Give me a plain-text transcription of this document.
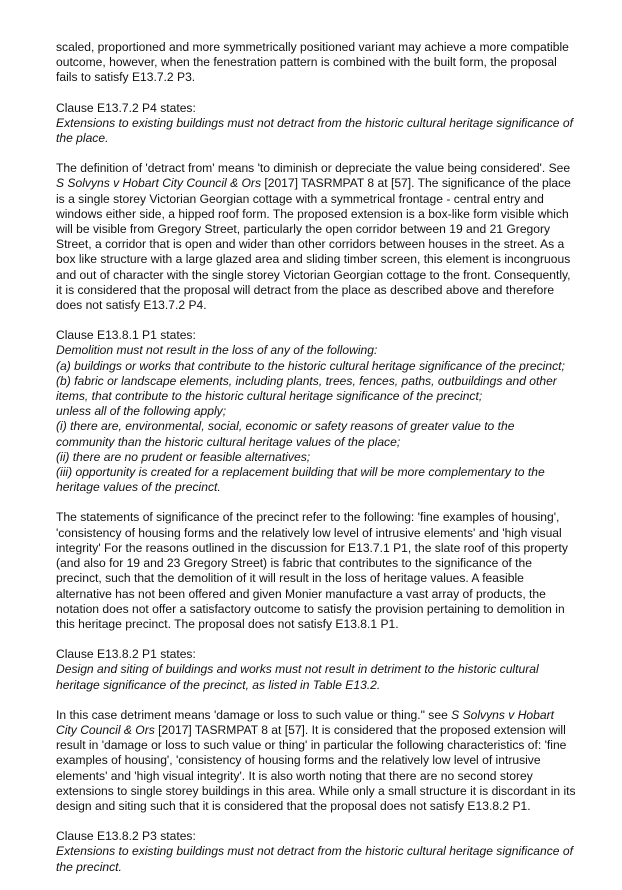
scaled, proportioned and more symmetrically positioned variant may achieve a more compatible outcome, however, when the fenestration pattern is combined with the built form, the proposal fails to satisfy E13.7.2 P3.

Clause E13.7.2 P4 states:
Extensions to existing buildings must not detract from the historic cultural heritage significance of the place.

The definition of 'detract from' means 'to diminish or depreciate the value being considered'. See S Solvyns v Hobart City Council & Ors [2017] TASRMPAT 8 at [57]. The significance of the place is a single storey Victorian Georgian cottage with a symmetrical frontage - central entry and windows either side, a hipped roof form. The proposed extension is a box-like form visible which will be visible from Gregory Street, particularly the open corridor between 19 and 21 Gregory Street, a corridor that is open and wider than other corridors between houses in the street. As a box like structure with a large glazed area and sliding timber screen, this element is incongruous and out of character with the single storey Victorian Georgian cottage to the front. Consequently, it is considered that the proposal will detract from the place as described above and therefore does not satisfy E13.7.2 P4.

Clause E13.8.1 P1 states:
Demolition must not result in the loss of any of the following:
(a) buildings or works that contribute to the historic cultural heritage significance of the precinct;
(b) fabric or landscape elements, including plants, trees, fences, paths, outbuildings and other items, that contribute to the historic cultural heritage significance of the precinct;
unless all of the following apply;
(i) there are, environmental, social, economic or safety reasons of greater value to the community than the historic cultural heritage values of the place;
(ii) there are no prudent or feasible alternatives;
(iii) opportunity is created for a replacement building that will be more complementary to the heritage values of the precinct.

The statements of significance of the precinct refer to the following: 'fine examples of housing', 'consistency of housing forms and the relatively low level of intrusive elements' and 'high visual integrity' For the reasons outlined in the discussion for E13.7.1 P1, the slate roof of this property (and also for 19 and 23 Gregory Street) is fabric that contributes to the significance of the precinct, such that the demolition of it will result in the loss of heritage values. A feasible alternative has not been offered and given Monier manufacture a vast array of products, the notation does not offer a satisfactory outcome to satisfy the provision pertaining to demolition in this heritage precinct. The proposal does not satisfy E13.8.1 P1.

Clause E13.8.2 P1 states:
Design and siting of buildings and works must not result in detriment to the historic cultural heritage significance of the precinct, as listed in Table E13.2.

In this case detriment means 'damage or loss to such value or thing." see S Solvyns v Hobart City Council & Ors [2017] TASRMPAT 8 at [57]. It is considered that the proposed extension will result in 'damage or loss to such value or thing' in particular the following characteristics of: 'fine examples of housing', 'consistency of housing forms and the relatively low level of intrusive elements' and 'high visual integrity'. It is also worth noting that there are no second storey extensions to single storey buildings in this area. While only a small structure it is discordant in its design and siting such that it is considered that the proposal does not satisfy E13.8.2 P1.

Clause E13.8.2 P3 states:
Extensions to existing buildings must not detract from the historic cultural heritage significance of the precinct.
